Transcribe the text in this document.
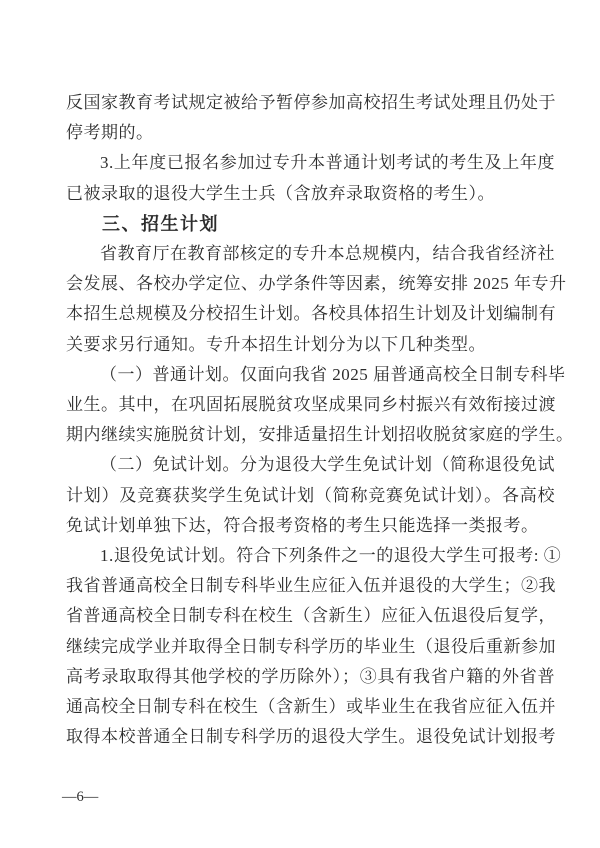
反国家教育考试规定被给予暂停参加高校招生考试处理且仍处于
停考期的。
3.上年度已报名参加过专升本普通计划考试的考生及上年度
已被录取的退役大学生士兵（含放弃录取资格的考生）。
三、招生计划
省教育厅在教育部核定的专升本总规模内，结合我省经济社
会发展、各校办学定位、办学条件等因素，统筹安排 2025 年专升
本招生总规模及分校招生计划。各校具体招生计划及计划编制有
关要求另行通知。专升本招生计划分为以下几种类型。
（一）普通计划。仅面向我省 2025 届普通高校全日制专科毕
业生。其中，在巩固拓展脱贫攻坚成果同乡村振兴有效衔接过渡
期内继续实施脱贫计划，安排适量招生计划招收脱贫家庭的学生。
（二）免试计划。分为退役大学生免试计划（简称退役免试
计划）及竞赛获奖学生免试计划（简称竞赛免试计划）。各高校
免试计划单独下达，符合报考资格的考生只能选择一类报考。
1.退役免试计划。符合下列条件之一的退役大学生可报考: ①
我省普通高校全日制专科毕业生应征入伍并退役的大学生；②我
省普通高校全日制专科在校生（含新生）应征入伍退役后复学，
继续完成学业并取得全日制专科学历的毕业生（退役后重新参加
高考录取取得其他学校的学历除外）；③具有我省户籍的外省普
通高校全日制专科在校生（含新生）或毕业生在我省应征入伍并
取得本校普通全日制专科学历的退役大学生。退役免试计划报考
—6—
